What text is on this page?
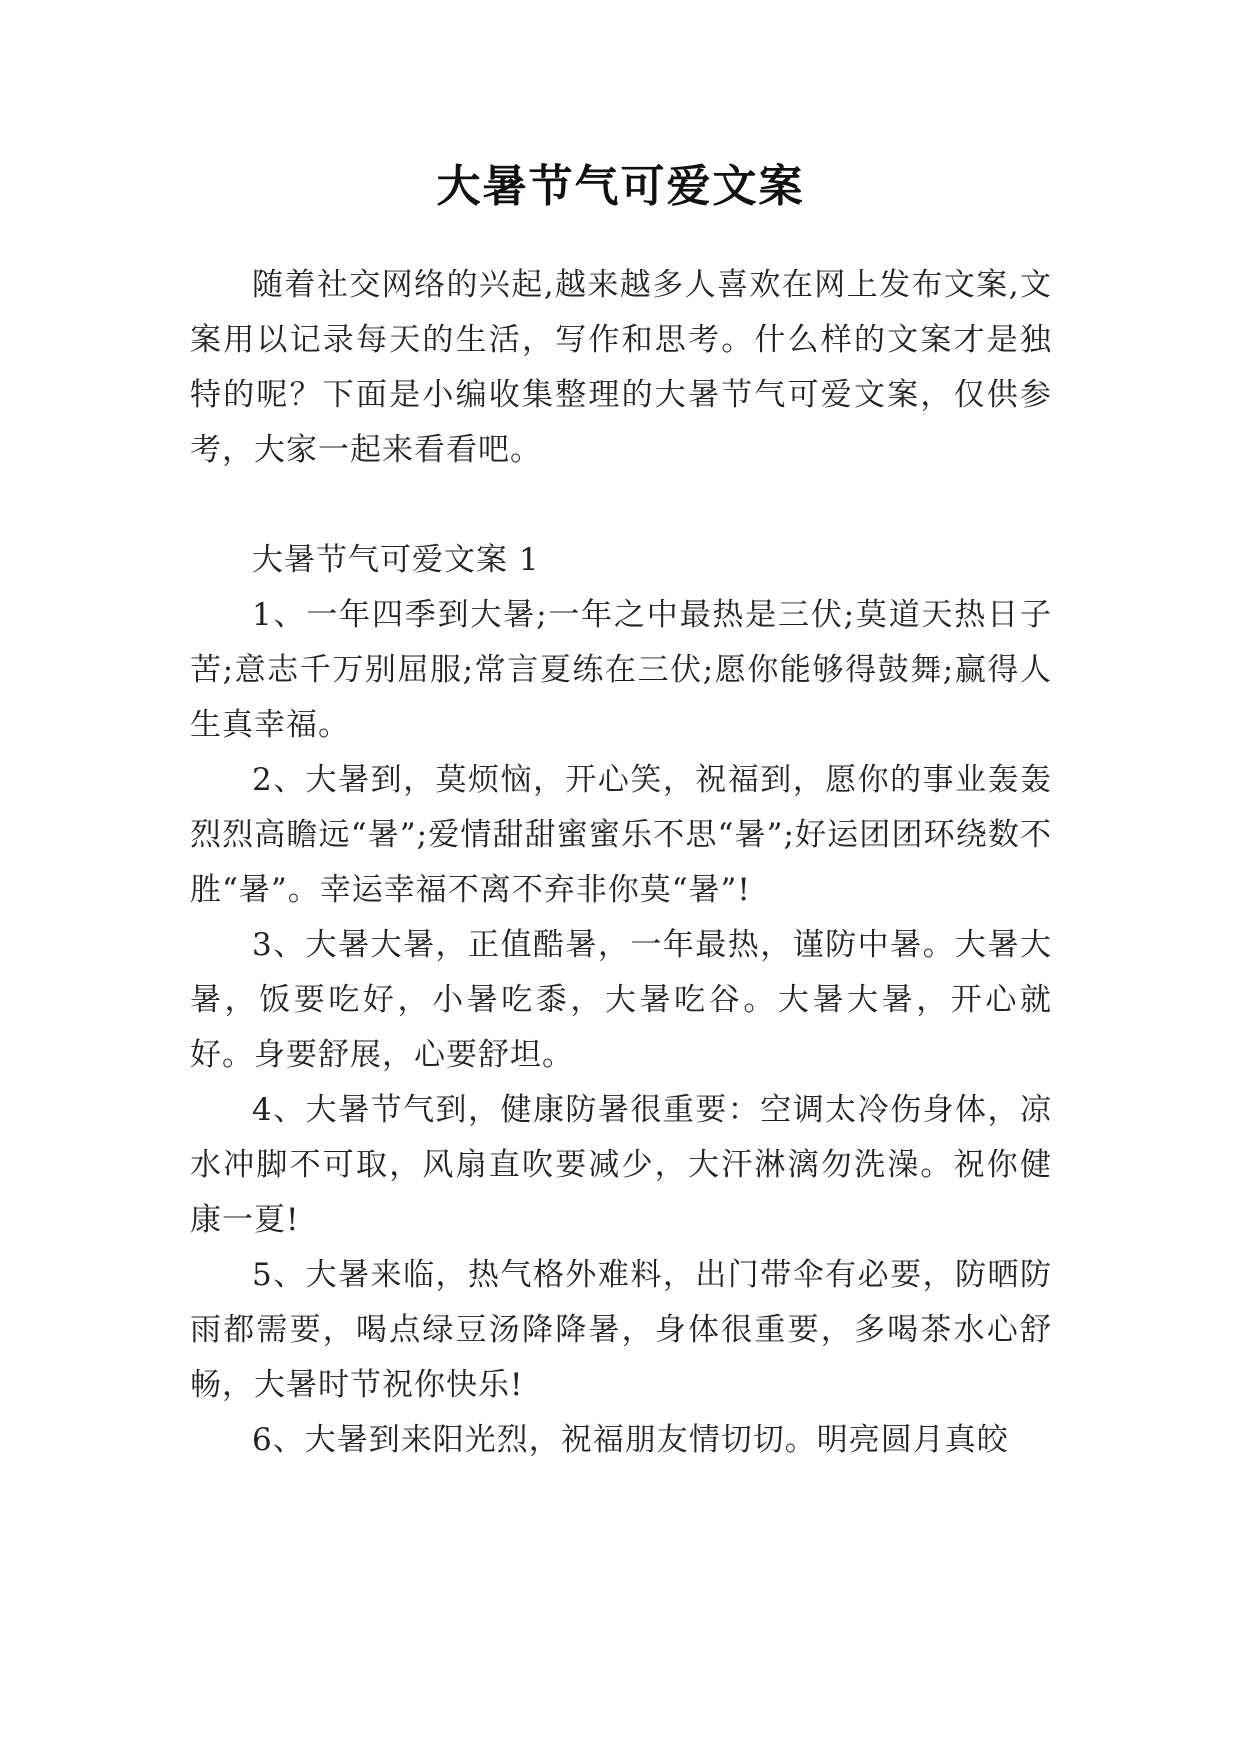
大暑节气可爱文案

随着社交网络的兴起,越来越多人喜欢在网上发布文案,文案用以记录每天的生活，写作和思考。什么样的文案才是独特的呢？下面是小编收集整理的大暑节气可爱文案，仅供参考，大家一起来看看吧。

大暑节气可爱文案 1

1、一年四季到大暑;一年之中最热是三伏;莫道天热日子苦;意志千万别屈服;常言夏练在三伏;愿你能够得鼓舞;赢得人生真幸福。

2、大暑到，莫烦恼，开心笑，祝福到，愿你的事业轰轰烈烈高瞻远“暑”;爱情甜甜蜜蜜乐不思“暑”;好运团团环绕数不胜“暑”。幸运幸福不离不弃非你莫“暑”!

3、大暑大暑，正值酷暑，一年最热，谨防中暑。大暑大暑，饭要吃好，小暑吃黍，大暑吃谷。大暑大暑，开心就好。身要舒展，心要舒坦。

4、大暑节气到，健康防暑很重要：空调太冷伤身体，凉水冲脚不可取，风扇直吹要减少，大汗淋漓勿洗澡。祝你健康一夏!

5、大暑来临，热气格外难料，出门带伞有必要，防晒防雨都需要，喝点绿豆汤降降暑，身体很重要，多喝茶水心舒畅，大暑时节祝你快乐!

6、大暑到来阳光烈，祝福朋友情切切。明亮圆月真皎
